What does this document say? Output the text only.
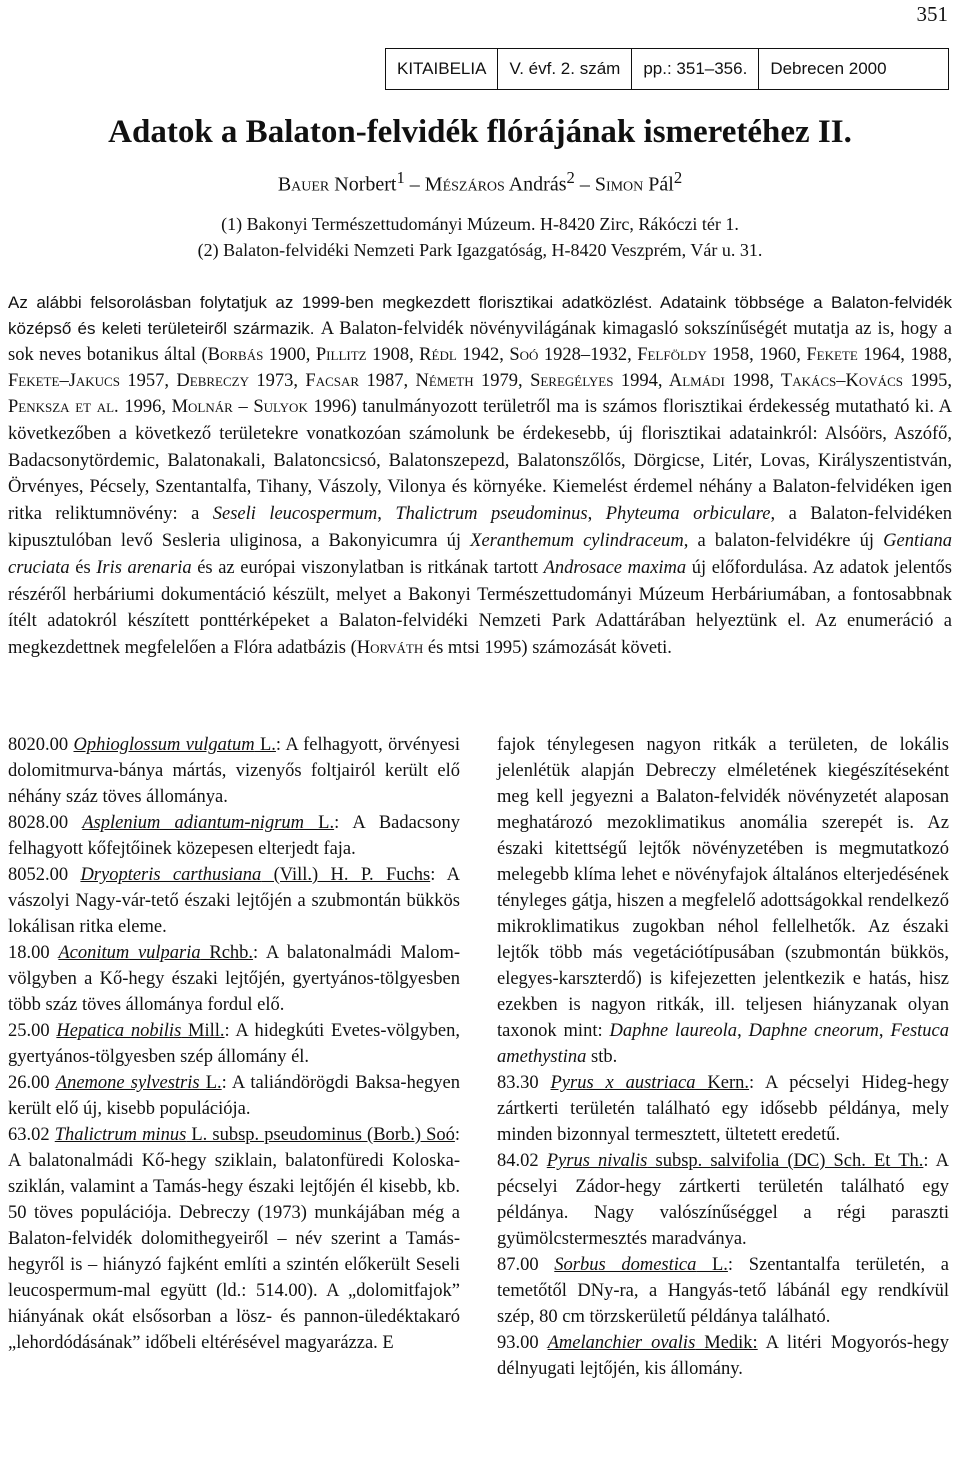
351
KITAIBELIA	V. évf. 2. szám	pp.: 351–356.	Debrecen 2000
Adatok a Balaton-felvidék flórájának ismeretéhez II.
Bauer Norbert$^1$ – Mészáros András$^2$ – Simon Pál$^2$
(1) Bakonyi Természettudományi Múzeum. H-8420 Zirc, Rákóczi tér 1.
(2) Balaton-felvidéki Nemzeti Park Igazgatóság, H-8420 Veszprém, Vár u. 31.

Az alábbi felsorolásban folytatjuk az 1999-ben megkezdett florisztikai adatközlést. Adataink többsége a Balaton-felvidék középső és keleti területeiről származik. A Balaton-felvidék növényvilágának kimagasló sokszínűségét mutatja az is, hogy a sok neves botanikus által (Borbás 1900, Pillitz 1908, Rédl 1942, Soó 1928–1932, Felföldy 1958, 1960, Fekete 1964, 1988, Fekete–Jakucs 1957, Debreczy 1973, Facsar 1987, Németh 1979, Seregélyes 1994, Almádi 1998, Takács–Kovács 1995, Penksza et al. 1996, Molnár – Sulyok 1996) tanulmányozott területről ma is számos florisztikai érdekesség mutatható ki. A következőben a következő területekre vonatkozóan számolunk be érdekesebb, új florisztikai adatainkról: Alsóörs, Aszófő, Badacsonytördemic, Balatonakali, Balatoncsicsó, Balatonszepezd, Balatonszőlős, Dörgicse, Litér, Lovas, Királyszentistván, Örvényes, Pécsely, Szentantalfa, Tihany, Vászoly, Vilonya és környéke. Kiemelést érdemel néhány a Balaton-felvidéken igen ritka reliktumnövény: a Seseli leucospermum, Thalictrum pseudominus, Phyteuma orbiculare, a Balaton-felvidéken kipusztulóban levő Sesleria uliginosa, a Bakonyicumra új Xeranthemum cylindraceum, a balaton-felvidékre új Gentiana cruciata és Iris arenaria és az európai viszonylatban is ritkának tartott Androsace maxima új előfordulása. Az adatok jelentős részéről herbáriumi dokumentáció készült, melyet a Bakonyi Természettudományi Múzeum Herbáriumában, a fontosabbnak ítélt adatokról készített ponttérképeket a Balaton-felvidéki Nemzeti Park Adattárában helyeztünk el. Az enumeráció a megkezdettnek megfelelően a Flóra adatbázis (Horváth és mtsi 1995) számozását követi.

8020.00 Ophioglossum vulgatum L.: A felhagyott, örvényesi dolomitmurva-bánya mártás, vizenyős foltjairól került elő néhány száz töves állománya.

8028.00 Asplenium adiantum-nigrum L.: A Badacsony felhagyott kőfejtőinek közepesen elterjedt faja.

8052.00 Dryopteris carthusiana (Vill.) H. P. Fuchs: A vászolyi Nagy-vár-tető északi lejtőjén a szubmontán bükkös lokálisan ritka eleme.

18.00 Aconitum vulparia Rchb.: A balatonalmádi Malom-völgyben a Kő-hegy északi lejtőjén, gyertyános-tölgyesben több száz töves állománya fordul elő.

25.00 Hepatica nobilis Mill.: A hidegkúti Evetes-völgyben, gyertyános-tölgyesben szép állomány él.

26.00 Anemone sylvestris L.: A taliándörögdi Baksa-hegyen került elő új, kisebb populációja.

63.02 Thalictrum minus L. subsp. pseudominus (Borb.) Soó: A balatonalmádi Kő-hegy sziklain, balatonfüredi Koloska-sziklán, valamint a Tamás-hegy északi lejtőjén él kisebb, kb. 50 töves populációja. Debreczy (1973) munkájában még a Balaton-felvidék dolomithegyeiről – név szerint a Tamás-hegyről is – hiányzó fajként említi a szintén előkerült Seseli leucospermum-mal együtt (ld.: 514.00). A „dolomitfajok” hiányának okát elsősorban a lösz- és pannon-üledéktakaró „lehordódásának” időbeli eltérésével magyarázza. E

fajok ténylegesen nagyon ritkák a területen, de lokális jelenlétük alapján Debreczy elméletének kiegészítéseként meg kell jegyezni a Balaton-felvidék növényzetét alaposan meghatározó mezoklimatikus anomália szerepét is. Az északi kitettségű lejtők növényzetében is megmutatkozó melegebb klíma lehet e növényfajok általános elterjedésének tényleges gátja, hiszen a megfelelő adottságokkal rendelkező mikroklimatikus zugokban néhol fellelhetők. Az északi lejtők több más vegetációtípusában (szubmontán bükkös, elegyes-karszterdő) is kifejezetten jelentkezik e hatás, hisz ezekben is nagyon ritkák, ill. teljesen hiányzanak olyan taxonok mint: Daphne laureola, Daphne cneorum, Festuca amethystina stb.

83.30 Pyrus x austriaca Kern.: A pécselyi Hideg-hegy zártkerti területén található egy idősebb példánya, mely minden bizonnyal termesztett, ültetett eredetű.

84.02 Pyrus nivalis subsp. salvifolia (DC) Sch. Et Th.: A pécselyi Zádor-hegy zártkerti területén található egy példánya. Nagy valószínűséggel a régi paraszti gyümölcstermesztés maradványa.

87.00 Sorbus domestica L.: Szentantalfa területén, a temetőtől DNy-ra, a Hangyás-tető lábánál egy rendkívül szép, 80 cm törzskerületű példánya található.

93.00 Amelanchier ovalis Medik: A litéri Mogyorós-hegy délnyugati lejtőjén, kis állomány.
